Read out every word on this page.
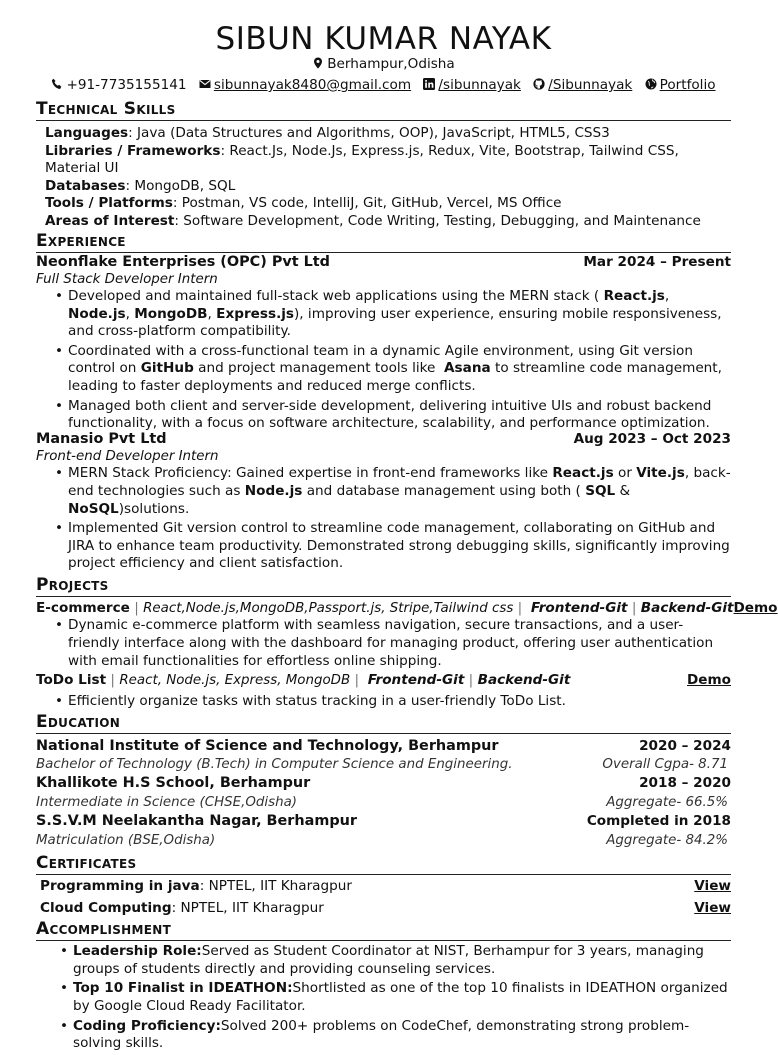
SIBUN KUMAR NAYAK
Berhampur,Odisha
+91-7735155141 sibunnayak8480@gmail.com /sibunnayak /Sibunnayak Portfolio
Technical Skills
Languages: Java (Data Structures and Algorithms, OOP), JavaScript, HTML5, CSS3
Libraries / Frameworks: React.Js, Node.Js, Express.js, Redux, Vite, Bootstrap, Tailwind CSS, Material UI
Databases: MongoDB, SQL
Tools / Platforms: Postman, VS code, IntelliJ, Git, GitHub, Vercel, MS Office
Areas of Interest: Software Development, Code Writing, Testing, Debugging, and Maintenance
Experience
Neonflake Enterprises (OPC) Pvt Ltd	Mar 2024 – Present
Full Stack Developer Intern
• Developed and maintained full-stack web applications using the MERN stack ( React.js,  Node.js, MongoDB, Express.js), improving user experience, ensuring mobile responsiveness, and cross-platform compatibility.
• Coordinated with a cross-functional team in a dynamic Agile environment, using Git version control on GitHub and project management tools like Asana to streamline code management, leading to faster deployments and reduced merge conflicts.
• Managed both client and server-side development, delivering intuitive UIs and robust backend functionality, with a focus on software architecture, scalability, and performance optimization.
Manasio Pvt Ltd	Aug 2023 – Oct 2023
Front-end Developer Intern
• MERN Stack Proficiency: Gained expertise in front-end frameworks like React.js or Vite.js, back-end technologies such as Node.js and database management using both ( SQL & NoSQL)solutions.
• Implemented Git version control to streamline code management, collaborating on GitHub and JIRA to enhance team productivity. Demonstrated strong debugging skills, significantly improving project efficiency and client satisfaction.
Projects
E-commerce | React,Node.js,MongoDB,Passport.js, Stripe,Tailwind css | Frontend-Git | Backend-Git Demo
• Dynamic e-commerce platform with seamless navigation, secure transactions, and a user-friendly interface along with the dashboard for managing product, offering user authentication with email functionalities for effortless online shipping.
ToDo List | React, Node.js, Express, MongoDB | Frontend-Git | Backend-Git	Demo
• Efficiently organize tasks with status tracking in a user-friendly ToDo List.
Education
National Institute of Science and Technology, Berhampur	2020 – 2024
Bachelor of Technology (B.Tech) in Computer Science and Engineering.	Overall Cgpa- 8.71
Khallikote H.S School, Berhampur	2018 – 2020
Intermediate in Science (CHSE,Odisha)	Aggregate- 66.5%
S.S.V.M Neelakantha Nagar, Berhampur	Completed in 2018
Matriculation (BSE,Odisha)	Aggregate- 84.2%
Certificates
Programming in java: NPTEL, IIT Kharagpur	View
Cloud Computing: NPTEL, IIT Kharagpur	View
Accomplishment
• Leadership Role:Served as Student Coordinator at NIST, Berhampur for 3 years, managing groups of students directly and providing counseling services.
• Top 10 Finalist in IDEATHON:Shortlisted as one of the top 10 finalists in IDEATHON organized by Google Cloud Ready Facilitator.
• Coding Proficiency:Solved 200+ problems on CodeChef, demonstrating strong problem-solving skills.
